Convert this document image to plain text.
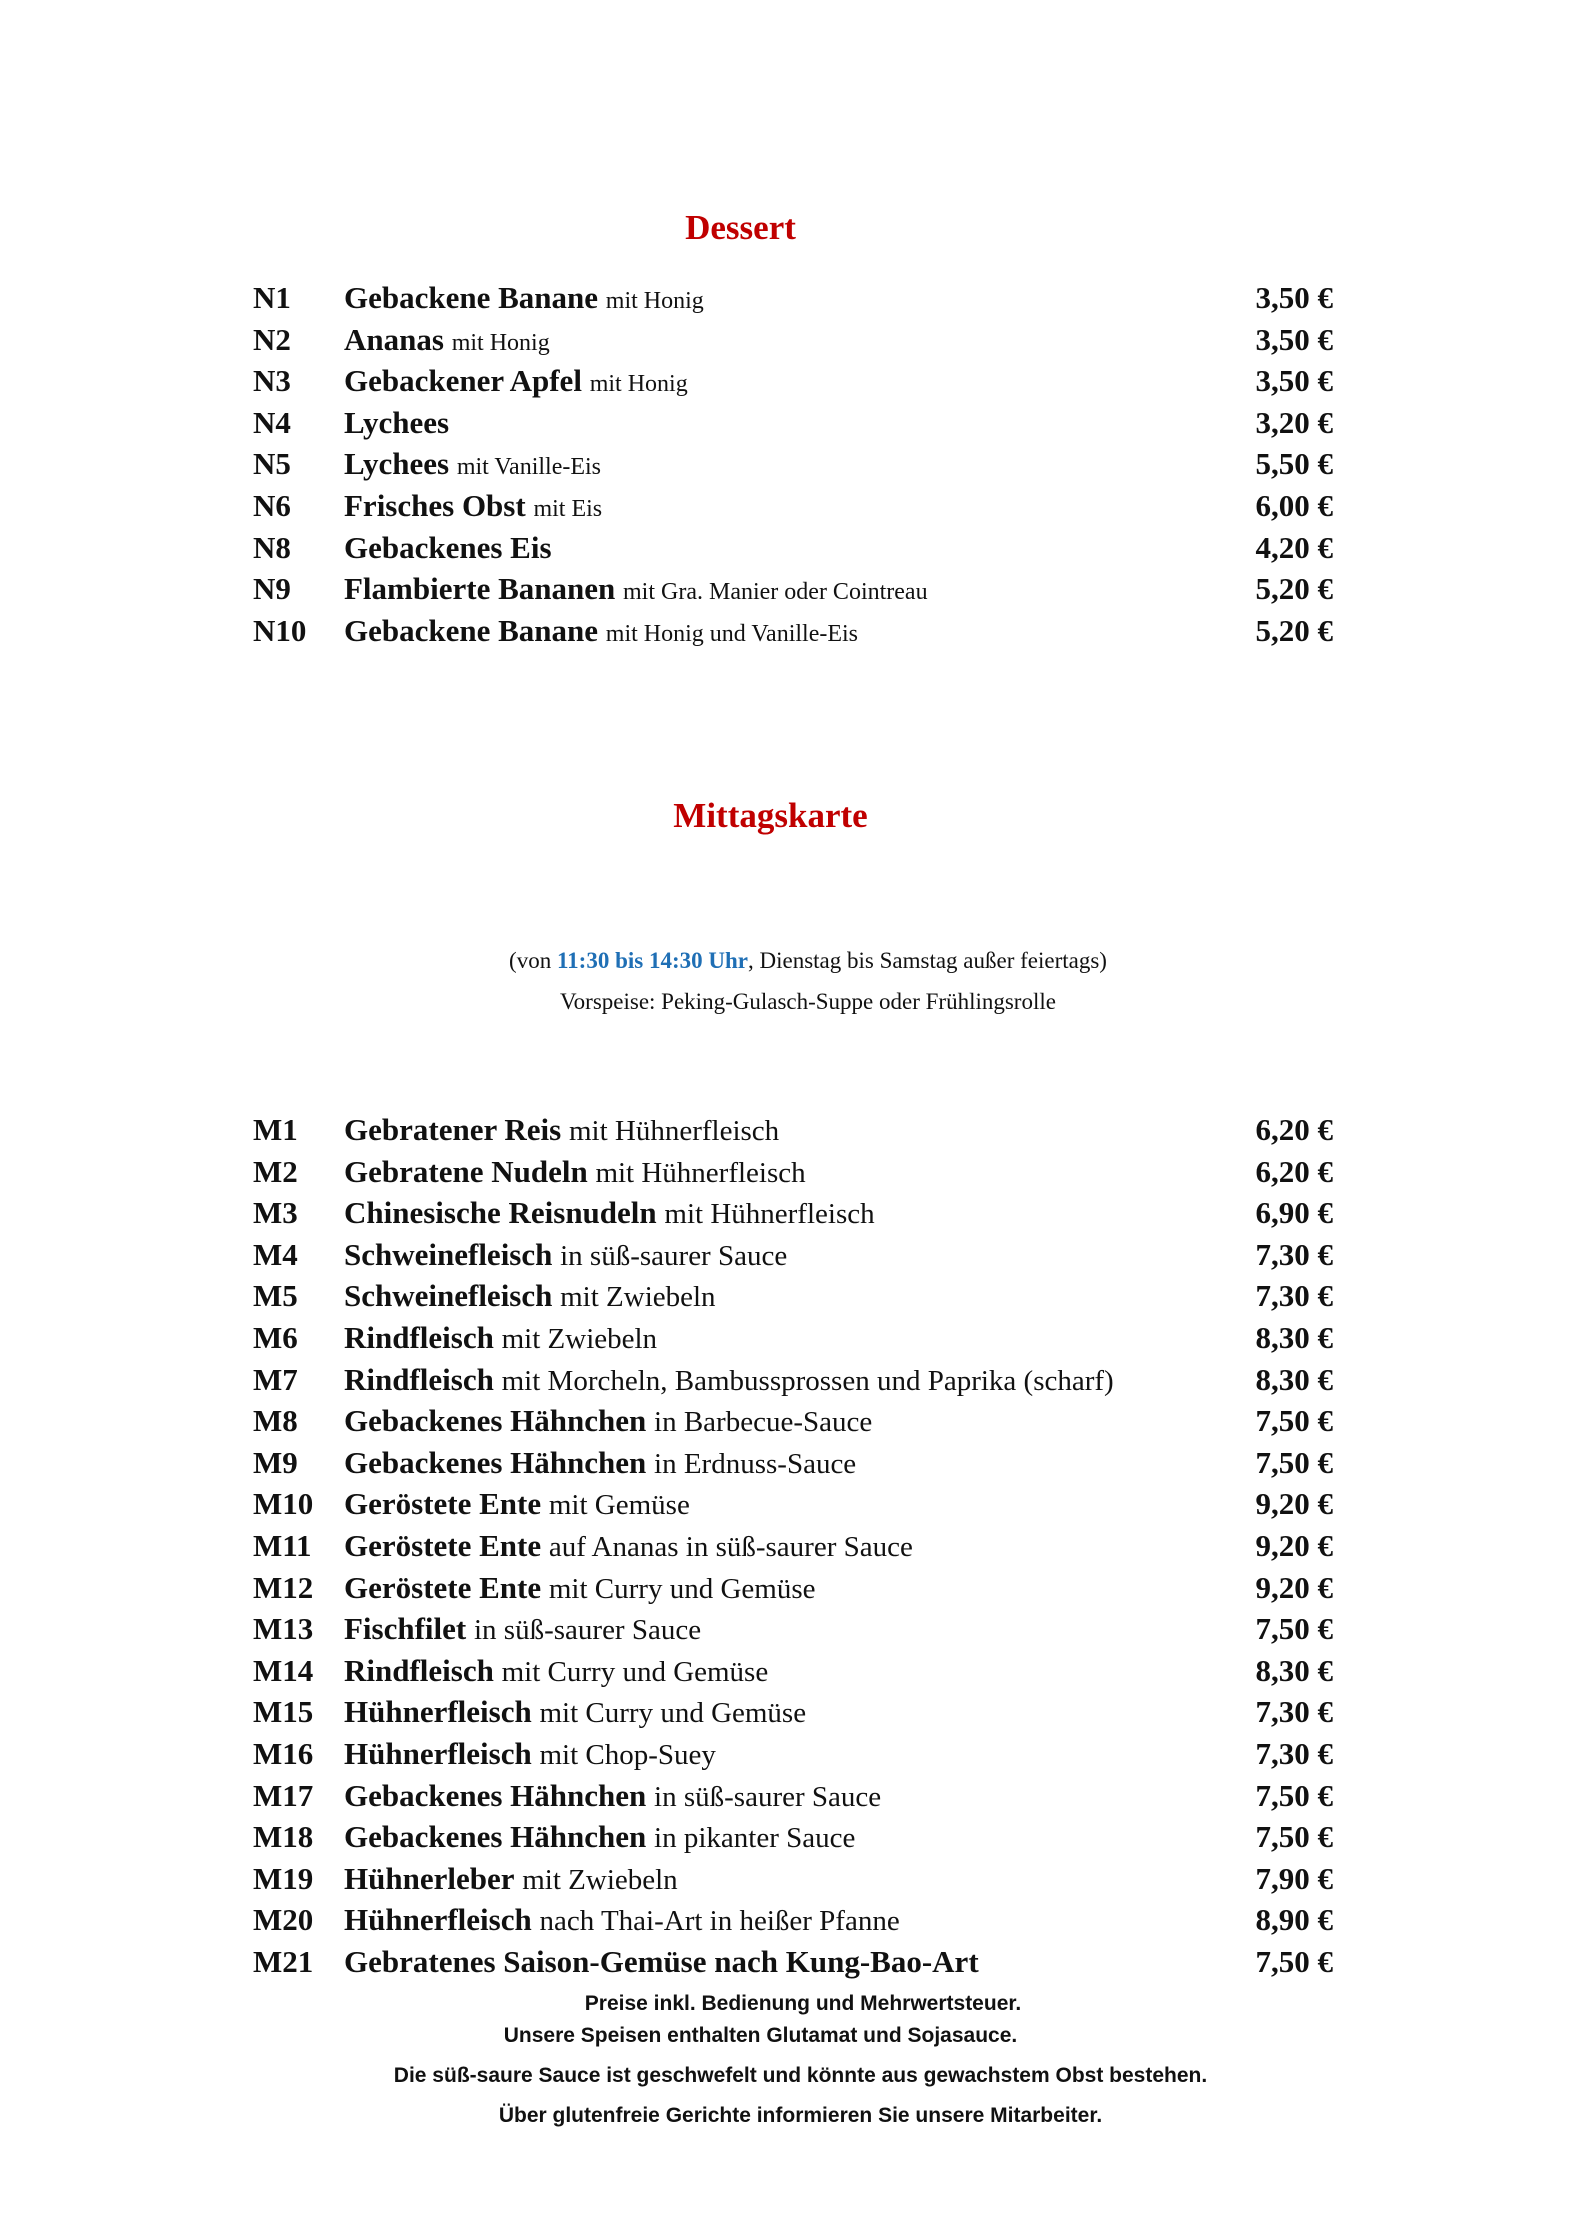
Dessert
N1 Gebackene Banane mit Honig	3,50 €
N2 Ananas mit Honig	3,50 €
N3 Gebackener Apfel mit Honig	3,50 €
N4 Lychees	3,20 €
N5 Lychees mit Vanille-Eis	5,50 €
N6 Frisches Obst mit Eis	6,00 €
N8 Gebackenes Eis	4,20 €
N9 Flambierte Bananen mit Gra. Manier oder Cointreau	5,20 €
N10 Gebackene Banane mit Honig und Vanille-Eis	5,20 €
Mittagskarte
(von 11:30 bis 14:30 Uhr, Dienstag bis Samstag außer feiertags)
Vorspeise: Peking-Gulasch-Suppe oder Frühlingsrolle
M1 Gebratener Reis mit Hühnerfleisch	6,20 €
M2 Gebratene Nudeln mit Hühnerfleisch	6,20 €
M3 Chinesische Reisnudeln mit Hühnerfleisch	6,90 €
M4 Schweinefleisch in süß-saurer Sauce	7,30 €
M5 Schweinefleisch mit Zwiebeln	7,30 €
M6 Rindfleisch mit Zwiebeln	8,30 €
M7 Rindfleisch mit Morcheln, Bambussprossen und Paprika (scharf)	8,30 €
M8 Gebackenes Hähnchen in Barbecue-Sauce	7,50 €
M9 Gebackenes Hähnchen in Erdnuss-Sauce	7,50 €
M10 Geröstete Ente mit Gemüse	9,20 €
M11 Geröstete Ente auf Ananas in süß-saurer Sauce	9,20 €
M12 Geröstete Ente mit Curry und Gemüse	9,20 €
M13 Fischfilet in süß-saurer Sauce	7,50 €
M14 Rindfleisch mit Curry und Gemüse	8,30 €
M15 Hühnerfleisch mit Curry und Gemüse	7,30 €
M16 Hühnerfleisch mit Chop-Suey	7,30 €
M17 Gebackenes Hähnchen in süß-saurer Sauce	7,50 €
M18 Gebackenes Hähnchen in pikanter Sauce	7,50 €
M19 Hühnerleber mit Zwiebeln	7,90 €
M20 Hühnerfleisch nach Thai-Art in heißer Pfanne	8,90 €
M21 Gebratenes Saison-Gemüse nach Kung-Bao-Art	7,50 €
Preise inkl. Bedienung und Mehrwertsteuer.
Unsere Speisen enthalten Glutamat und Sojasauce.
Die süß-saure Sauce ist geschwefelt und könnte aus gewachstem Obst bestehen.
Über glutenfreie Gerichte informieren Sie unsere Mitarbeiter.
